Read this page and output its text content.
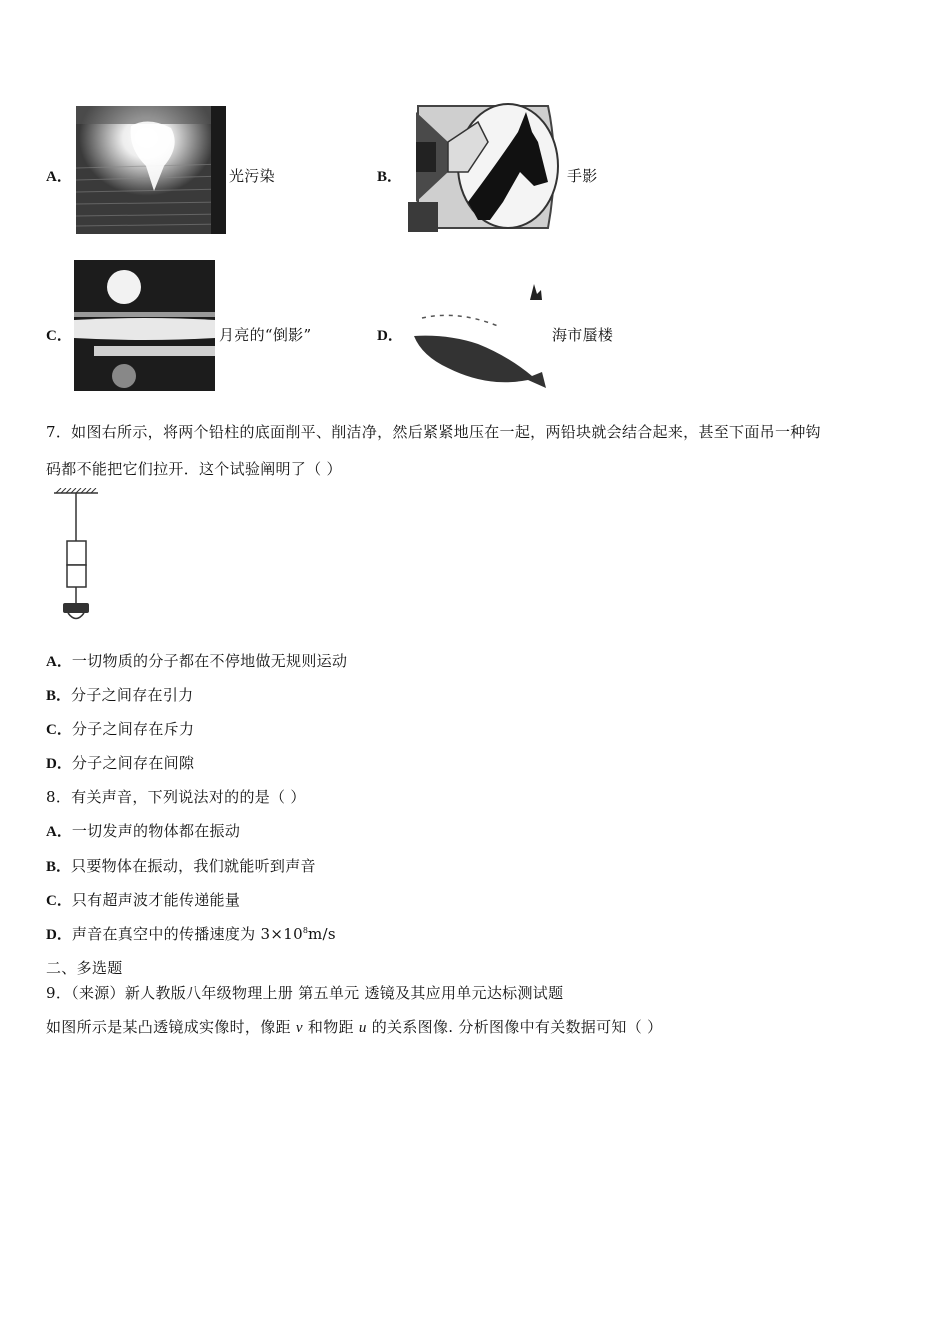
A．	光污染	B．	手影
C．	月亮的“倒影”	D．	海市蜃楼
7．如图右所示，将两个铅柱的底面削平、削洁净，然后紧紧地压在一起，两铅块就会结合起来，甚至下面吊一种钩
码都不能把它们拉开．这个试验阐明了（ ）
A．一切物质的分子都在不停地做无规则运动
B．分子之间存在引力
C．分子之间存在斥力
D．分子之间存在间隙
8．有关声音，下列说法对的的是（ ）
A．一切发声的物体都在振动
B．只要物体在振动，我们就能听到声音
C．只有超声波才能传递能量
D．声音在真空中的传播速度为 $3\times 10^8m/s$
二、多选题
9．（来源）新人教版八年级物理上册 第五单元 透镜及其应用单元达标测试题
如图所示是某凸透镜成实像时，像距 v 和物距 u 的关系图像. 分析图像中有关数据可知（ ）
